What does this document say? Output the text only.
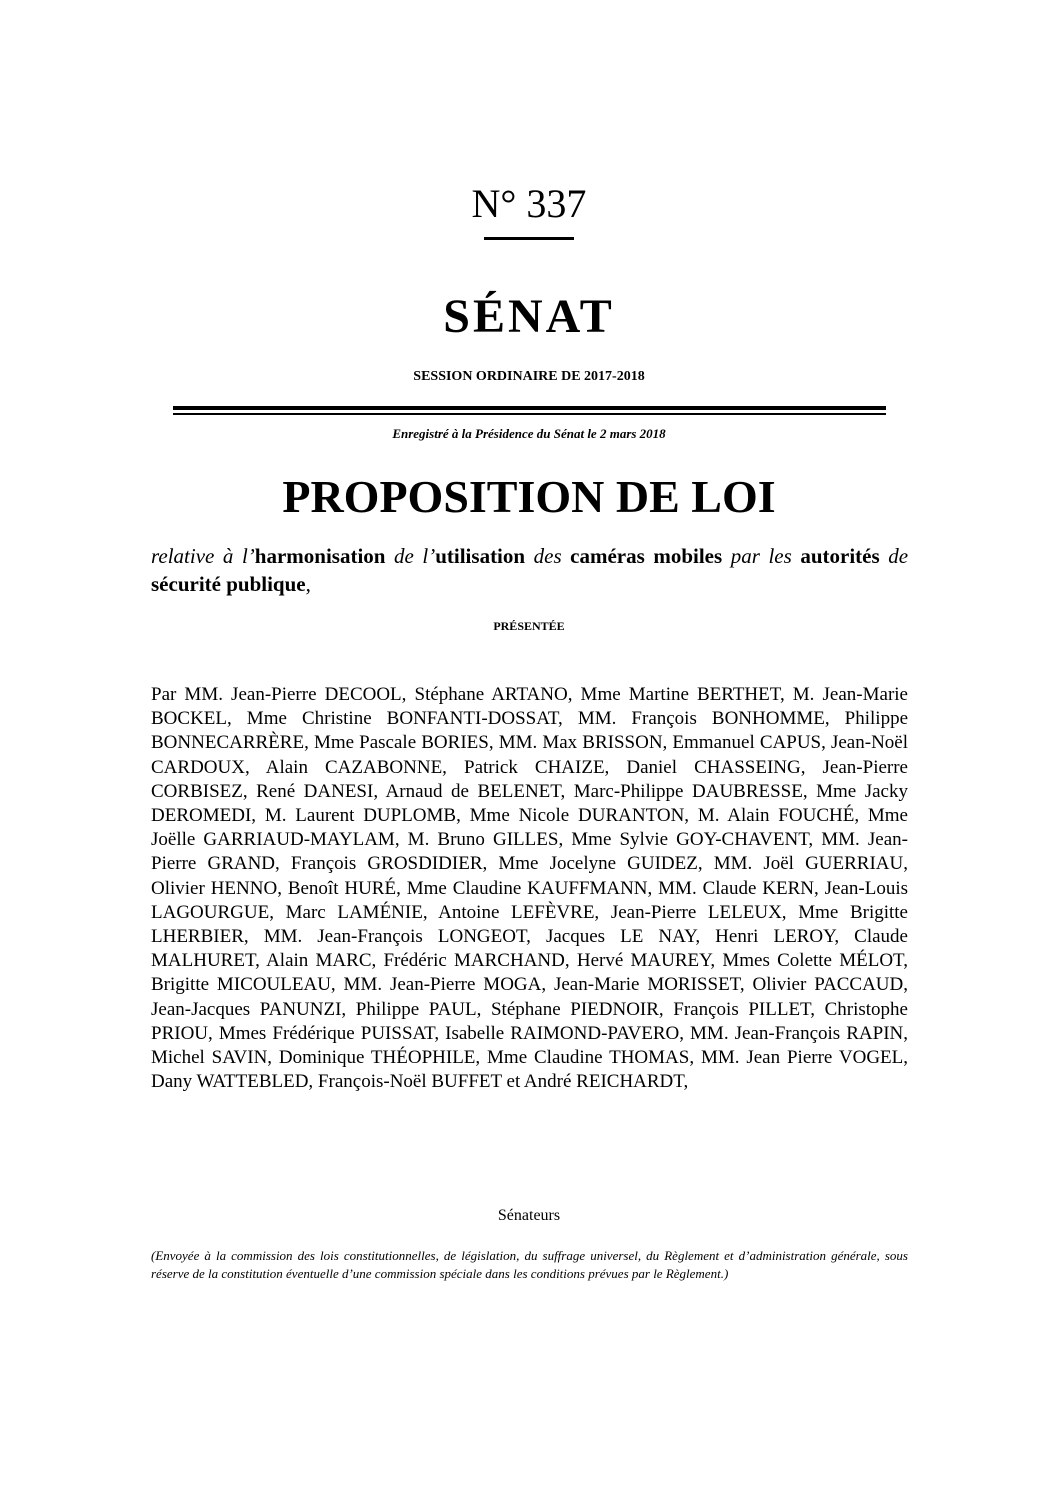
N° 337
SÉNAT
SESSION ORDINAIRE DE 2017-2018
Enregistré à la Présidence du Sénat le 2 mars 2018
PROPOSITION DE LOI
relative à l’harmonisation de l’utilisation des caméras mobiles par les autorités de sécurité publique,
PRÉSENTÉE
Par MM. Jean-Pierre DECOOL, Stéphane ARTANO, Mme Martine BERTHET, M. Jean-Marie BOCKEL, Mme Christine BONFANTI-DOSSAT, MM. François BONHOMME, Philippe BONNECARRÈRE, Mme Pascale BORIES, MM. Max BRISSON, Emmanuel CAPUS, Jean-Noël CARDOUX, Alain CAZABONNE, Patrick CHAIZE, Daniel CHASSEING, Jean-Pierre CORBISEZ, René DANESI, Arnaud de BELENET, Marc-Philippe DAUBRESSE, Mme Jacky DEROMEDI, M. Laurent DUPLOMB, Mme Nicole DURANTON, M. Alain FOUCHÉ, Mme Joëlle GARRIAUD-MAYLAM, M. Bruno GILLES, Mme Sylvie GOY-CHAVENT, MM. Jean-Pierre GRAND, François GROSDIDIER, Mme Jocelyne GUIDEZ, MM. Joël GUERRIAU, Olivier HENNO, Benoît HURÉ, Mme Claudine KAUFFMANN, MM. Claude KERN, Jean-Louis LAGOURGUE, Marc LAMÉNIE, Antoine LEFÈVRE, Jean-Pierre LELEUX, Mme Brigitte LHERBIER, MM. Jean-François LONGEOT, Jacques LE NAY, Henri LEROY, Claude MALHURET, Alain MARC, Frédéric MARCHAND, Hervé MAUREY, Mmes Colette MÉLOT, Brigitte MICOULEAU, MM. Jean-Pierre MOGA, Jean-Marie MORISSET, Olivier PACCAUD, Jean-Jacques PANUNZI, Philippe PAUL, Stéphane PIEDNOIR, François PILLET, Christophe PRIOU, Mmes Frédérique PUISSAT, Isabelle RAIMOND-PAVERO, MM. Jean-François RAPIN, Michel SAVIN, Dominique THÉOPHILE, Mme Claudine THOMAS, MM. Jean Pierre VOGEL, Dany WATTEBLED, François-Noël BUFFET et André REICHARDT,
Sénateurs
(Envoyée à la commission des lois constitutionnelles, de législation, du suffrage universel, du Règlement et d’administration générale, sous réserve de la constitution éventuelle d’une commission spéciale dans les conditions prévues par le Règlement.)
